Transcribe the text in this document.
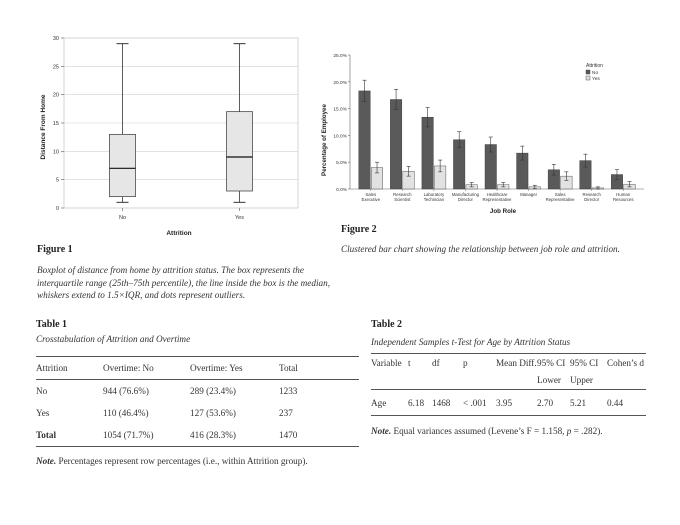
0
5
10
15
20
25
30
No	Yes
Distance From Home
Attrition
Figure 1
Boxplot of distance from home by attrition status. The box represents the interquartile range (25th–75th percentile), the line inside the box is the median, whiskers extend to 1.5×IQR, and dots represent outliers.
0.0%
5.0%
10.0%
15.0%
20.0%
25.0%
Sales
Executive
Research
Scientist
Laboratory
Technician
Manufacturing
Director
Healthcare
Representative
Manager	Sales
Representative
Research
Director
Human
Resources
Attrition
No
Yes
Percentage of Employee
Job Role
Figure 2
Clustered bar chart showing the relationship between job role and attrition.
Table 1
Crosstabulation of Attrition and Overtime
Attrition	Overtime: No	Overtime: Yes	Total
No	944 (76.6%)	289 (23.4%)	1233
Yes	110 (46.4%)	127 (53.6%)	237
Total	1054 (71.7%)	416 (28.3%)	1470
Note. Percentages represent row percentages (i.e., within Attrition group).
Table 2
Independent Samples t-Test for Age by Attrition Status
Variable	t	df	p	Mean Diff.	95% CI Lower	95% CI Upper	Cohen’s d
Age	6.18	1468	< .001	3.95	2.70	5.21	0.44
Note. Equal variances assumed (Levene’s F = 1.158, p = .282).
